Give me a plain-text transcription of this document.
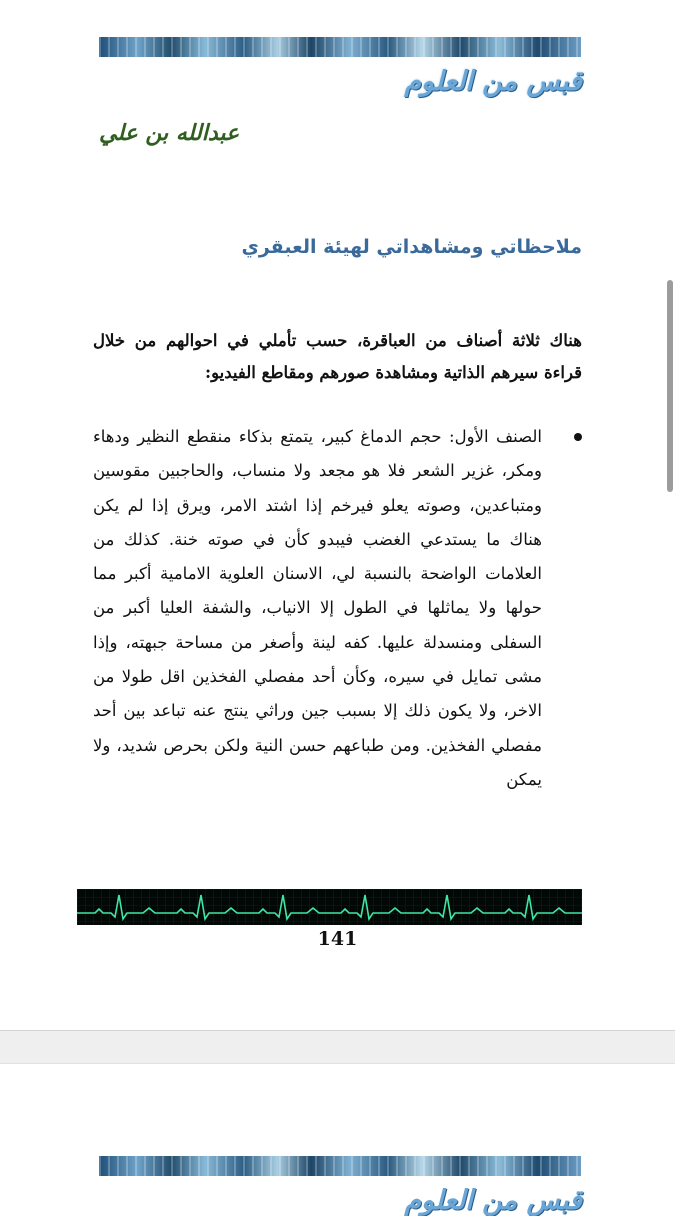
قبس من العلوم
عبدالله بن علي
ملاحظاتي ومشاهداتي لهيئة العبقري

هناك ثلاثة أصناف من العباقرة، حسب تأملي في احوالهم من خلال قراءة سيرهم الذاتية ومشاهدة صورهم ومقاطع الفيديو:

الصنف الأول: حجم الدماغ كبير، يتمتع بذكاء منقطع النظير ودهاء ومكر، غزير الشعر فلا هو مجعد ولا منساب، والحاجبين مقوسين ومتباعدين، وصوته يعلو فيرخم إذا اشتد الامر، ويرق إذا لم يكن هناك ما يستدعي الغضب فيبدو كأن في صوته خنة. كذلك من العلامات الواضحة بالنسبة لي، الاسنان العلوية الامامية أكبر مما حولها ولا يماثلها في الطول إلا الانياب، والشفة العليا أكبر من السفلى ومنسدلة عليها. كفه لينة وأصغر من مساحة جبهته، وإذا مشى تمايل في سيره، وكأن أحد مفصلي الفخذين اقل طولا من الاخر، ولا يكون ذلك إلا بسبب جين وراثي ينتج عنه تباعد بين أحد مفصلي الفخذين. ومن طباعهم حسن النية ولكن بحرص شديد، ولا يمكن
141
قبس من العلوم
